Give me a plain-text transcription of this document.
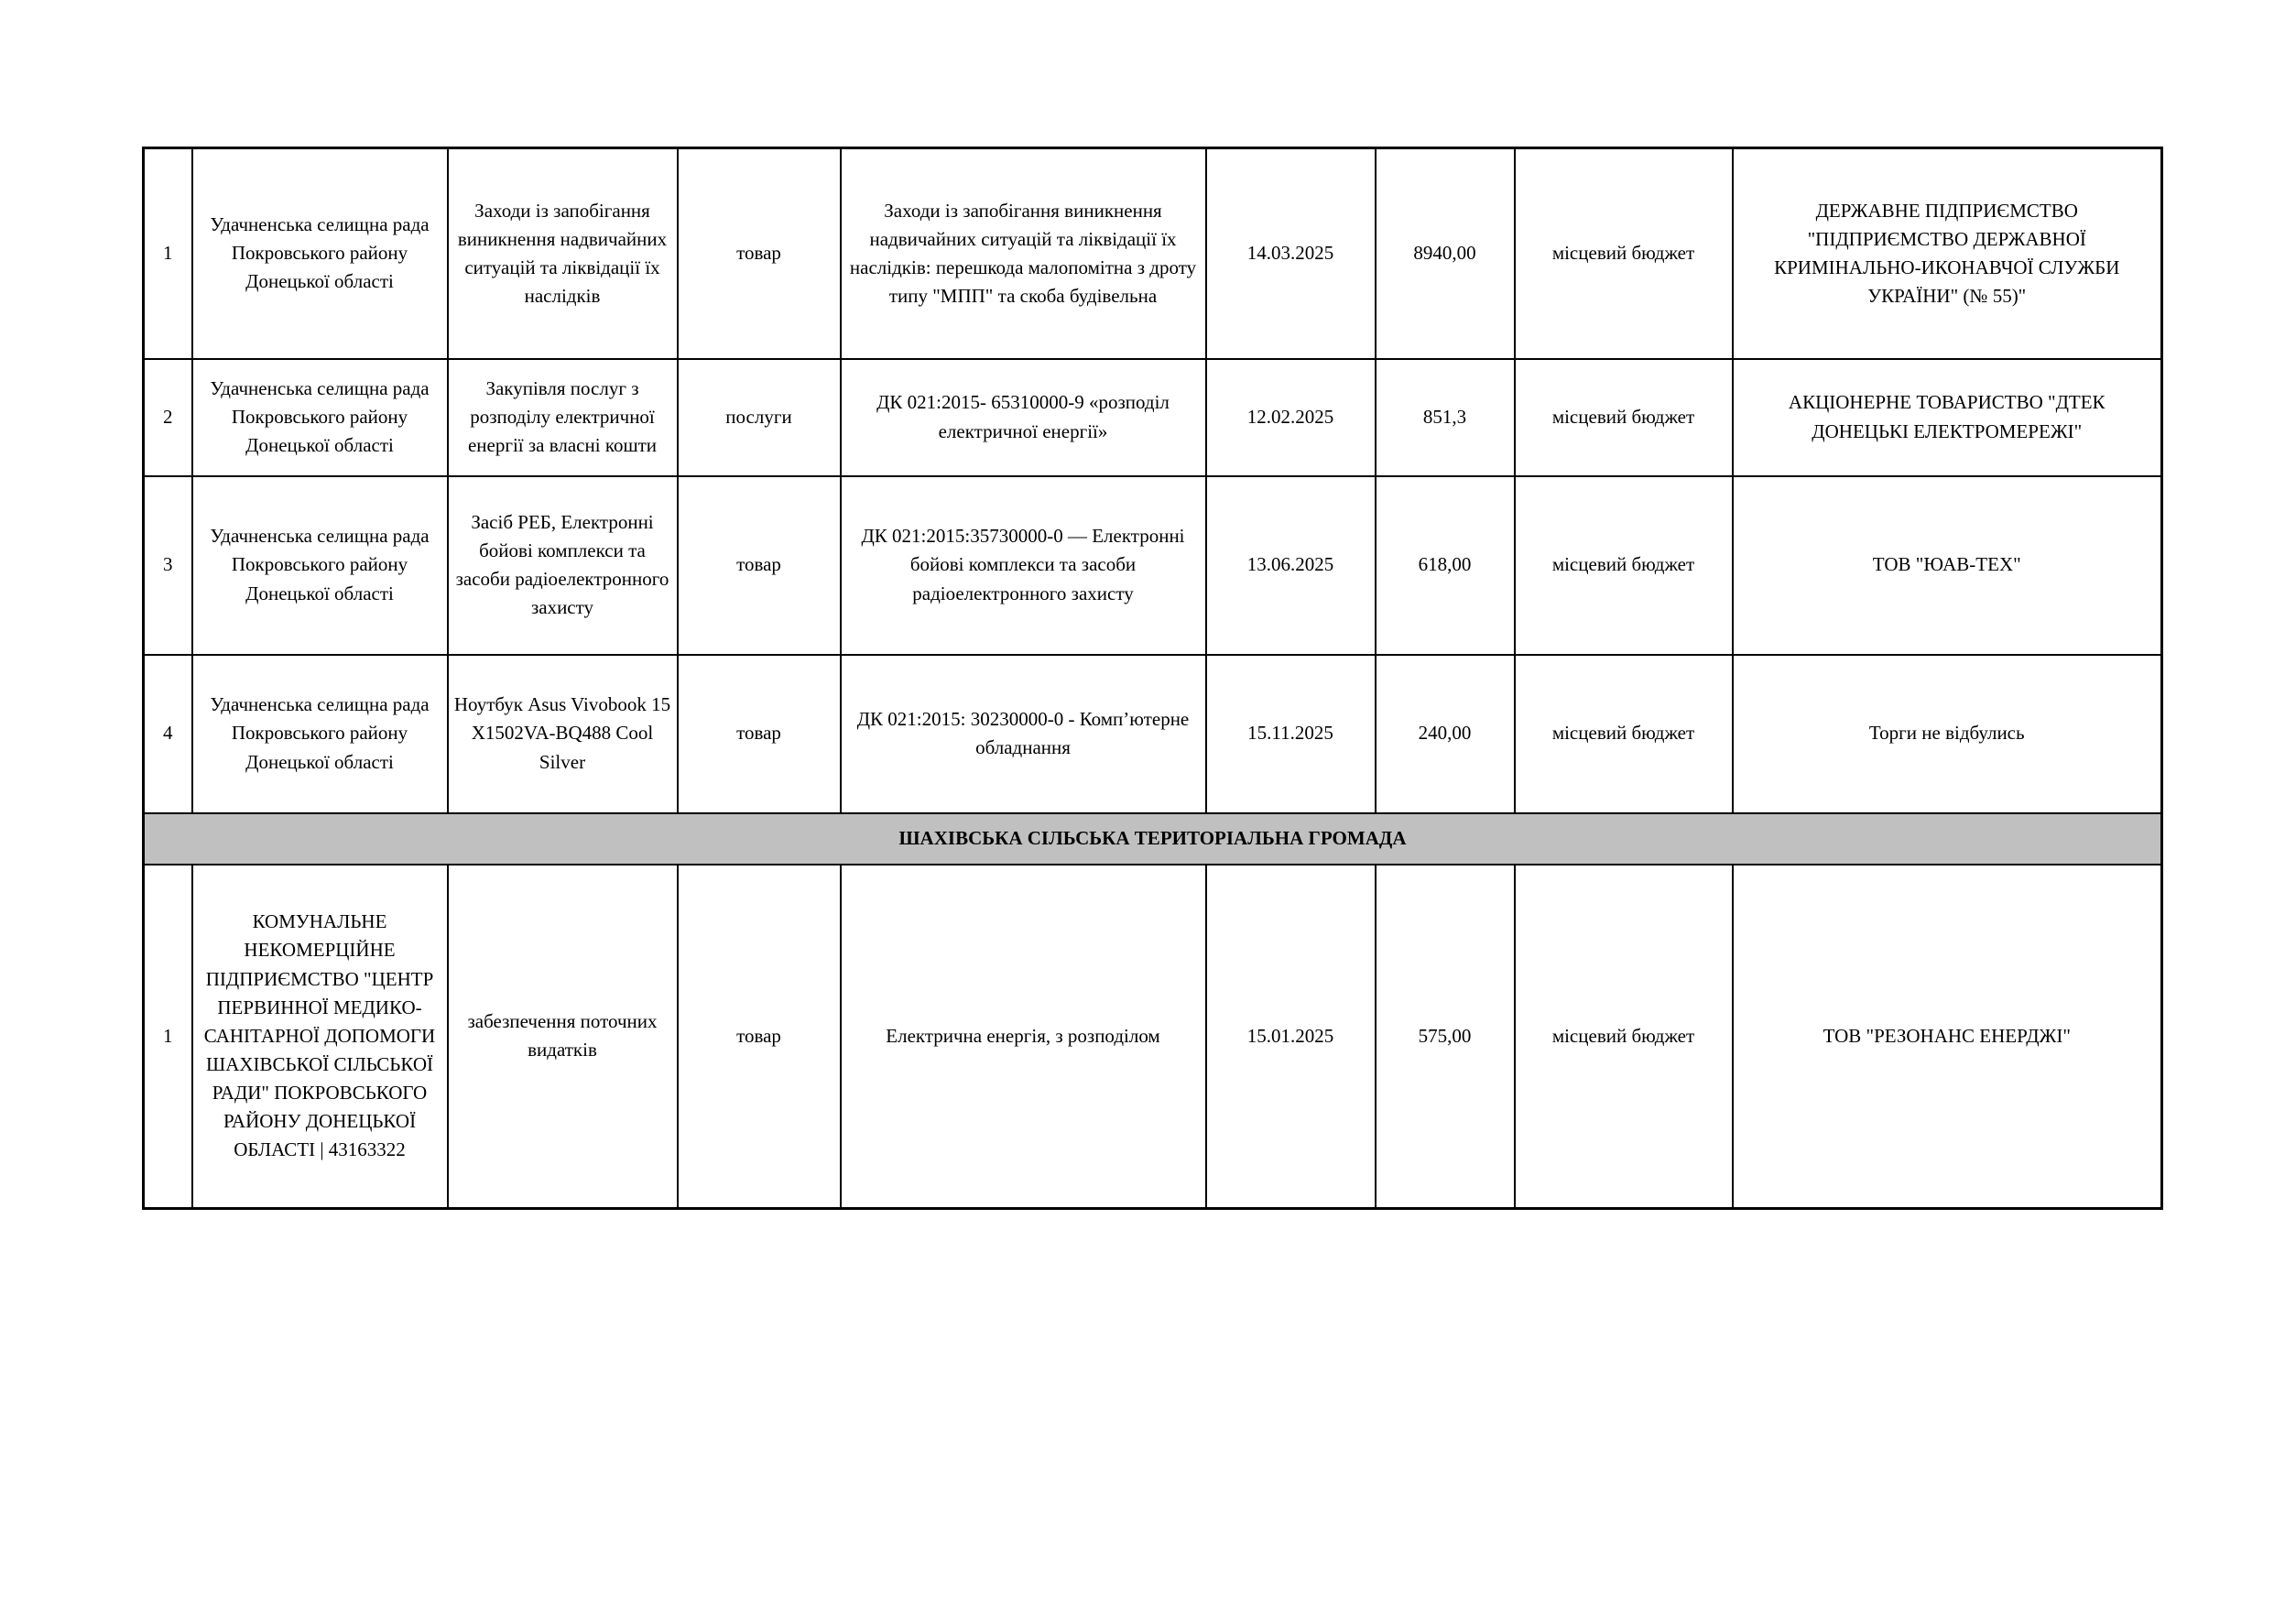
1	Удачненська селищна рада Покровського району Донецької області	Заходи із запобігання виникнення надвичайних ситуацій та ліквідації їх наслідків	товар	Заходи із запобігання виникнення надвичайних ситуацій та ліквідації їх наслідків: перешкода малопомітна з дроту типу "МПП" та скоба будівельна	14.03.2025	8940,00	місцевий бюджет	ДЕРЖАВНЕ ПІДПРИЄМСТВО "ПІДПРИЄМСТВО ДЕРЖАВНОЇ КРИМІНАЛЬНО-ИКОНАВЧОЇ СЛУЖБИ УКРАЇНИ" (№ 55)"
2	Удачненська селищна рада Покровського району Донецької області	Закупівля послуг з розподілу електричної енергії за власні кошти	послуги	ДК 021:2015- 65310000-9 «розподіл електричної енергії»	12.02.2025	851,3	місцевий бюджет	АКЦІОНЕРНЕ ТОВАРИСТВО "ДТЕК ДОНЕЦЬКІ ЕЛЕКТРОМЕРЕЖІ"
3	Удачненська селищна рада Покровського району Донецької області	Засіб РЕБ, Електронні бойові комплекси та засоби радіоелектронного захисту	товар	ДК 021:2015:35730000-0 — Електронні бойові комплекси та засоби радіоелектронного захисту	13.06.2025	618,00	місцевий бюджет	ТОВ "ЮАВ-ТЕХ"
4	Удачненська селищна рада Покровського району Донецької області	Ноутбук Asus Vivobook 15 X1502VA-BQ488 Cool Silver	товар	ДК 021:2015: 30230000-0 - Комп’ютерне обладнання	15.11.2025	240,00	місцевий бюджет	Торги не відбулись
ШАХІВСЬКА СІЛЬСЬКА ТЕРИТОРІАЛЬНА ГРОМАДА								
1	КОМУНАЛЬНЕ НЕКОМЕРЦІЙНЕ ПІДПРИЄМСТВО "ЦЕНТР ПЕРВИННОЇ МЕДИКО-САНІТАРНОЇ ДОПОМОГИ ШАХІВСЬКОЇ СІЛЬСЬКОЇ РАДИ" ПОКРОВСЬКОГО РАЙОНУ ДОНЕЦЬКОЇ ОБЛАСТІ | 43163322	забезпечення поточних видатків	товар	Електрична енергія, з розподілом	15.01.2025	575,00	місцевий бюджет	ТОВ "РЕЗОНАНС ЕНЕРДЖІ"
